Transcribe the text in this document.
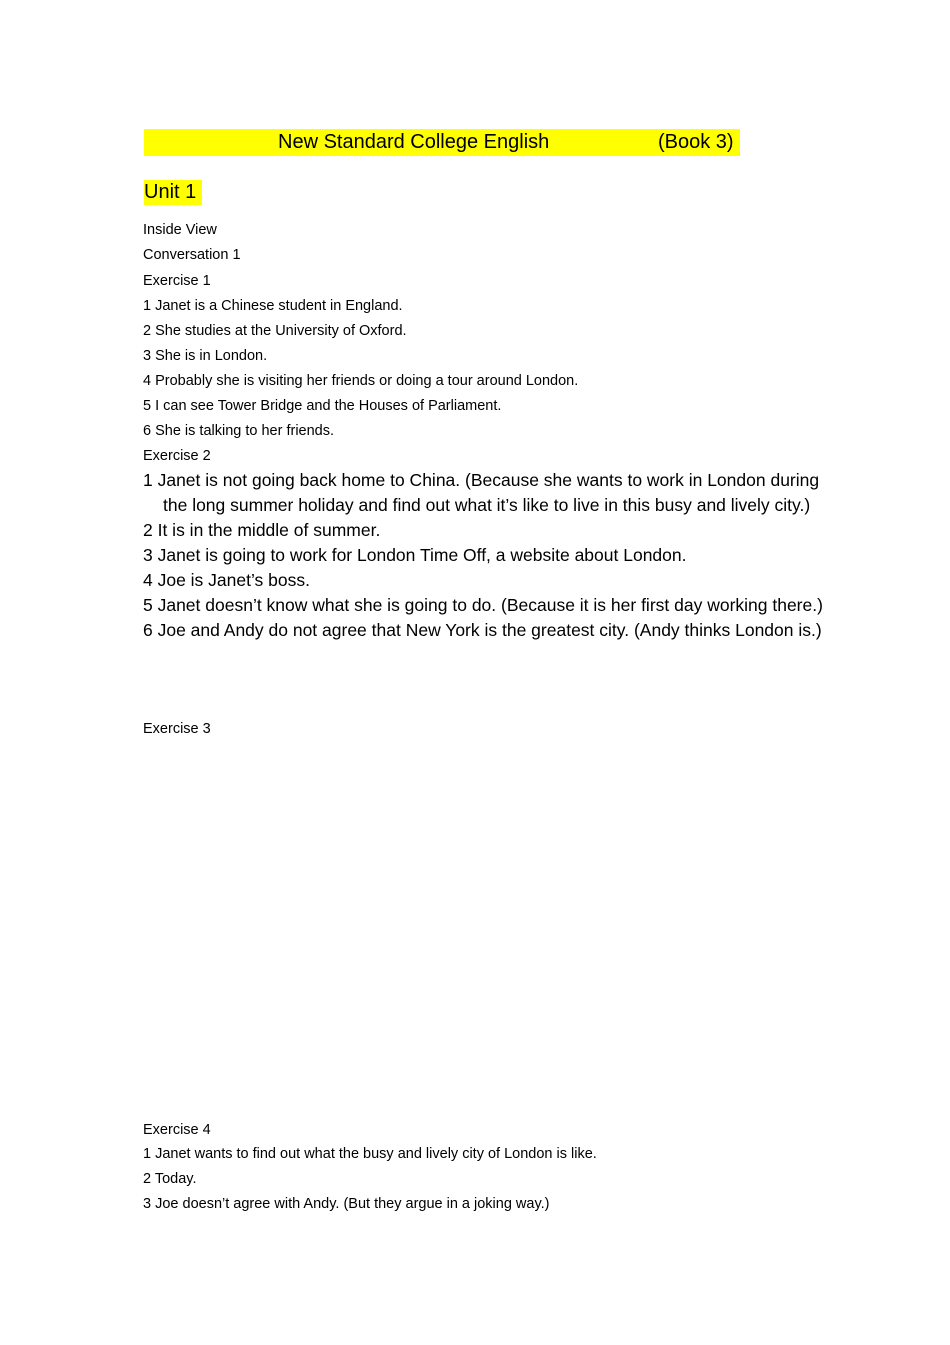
New Standard College English	(Book 3)
Unit 1
Inside View
Conversation 1
Exercise 1
1 Janet is a Chinese student in England.
2 She studies at the University of Oxford.
3 She is in London.
4 Probably she is visiting her friends or doing a tour around London.
5 I can see Tower Bridge and the Houses of Parliament.
6 She is talking to her friends.
Exercise 2

1 Janet is not going back home to China. (Because she wants to work in London during the long summer holiday and find out what it’s like to live in this busy and lively city.)

2 It is in the middle of summer.

3 Janet is going to work for London Time Off, a website about London.

4 Joe is Janet’s boss.

5 Janet doesn’t know what she is going to do. (Because it is her first day working there.)

6 Joe and Andy do not agree that New York is the greatest city. (Andy thinks London is.)

Exercise 3
Exercise 4
1 Janet wants to find out what the busy and lively city of London is like.
2 Today.
3 Joe doesn’t agree with Andy. (But they argue in a joking way.)
